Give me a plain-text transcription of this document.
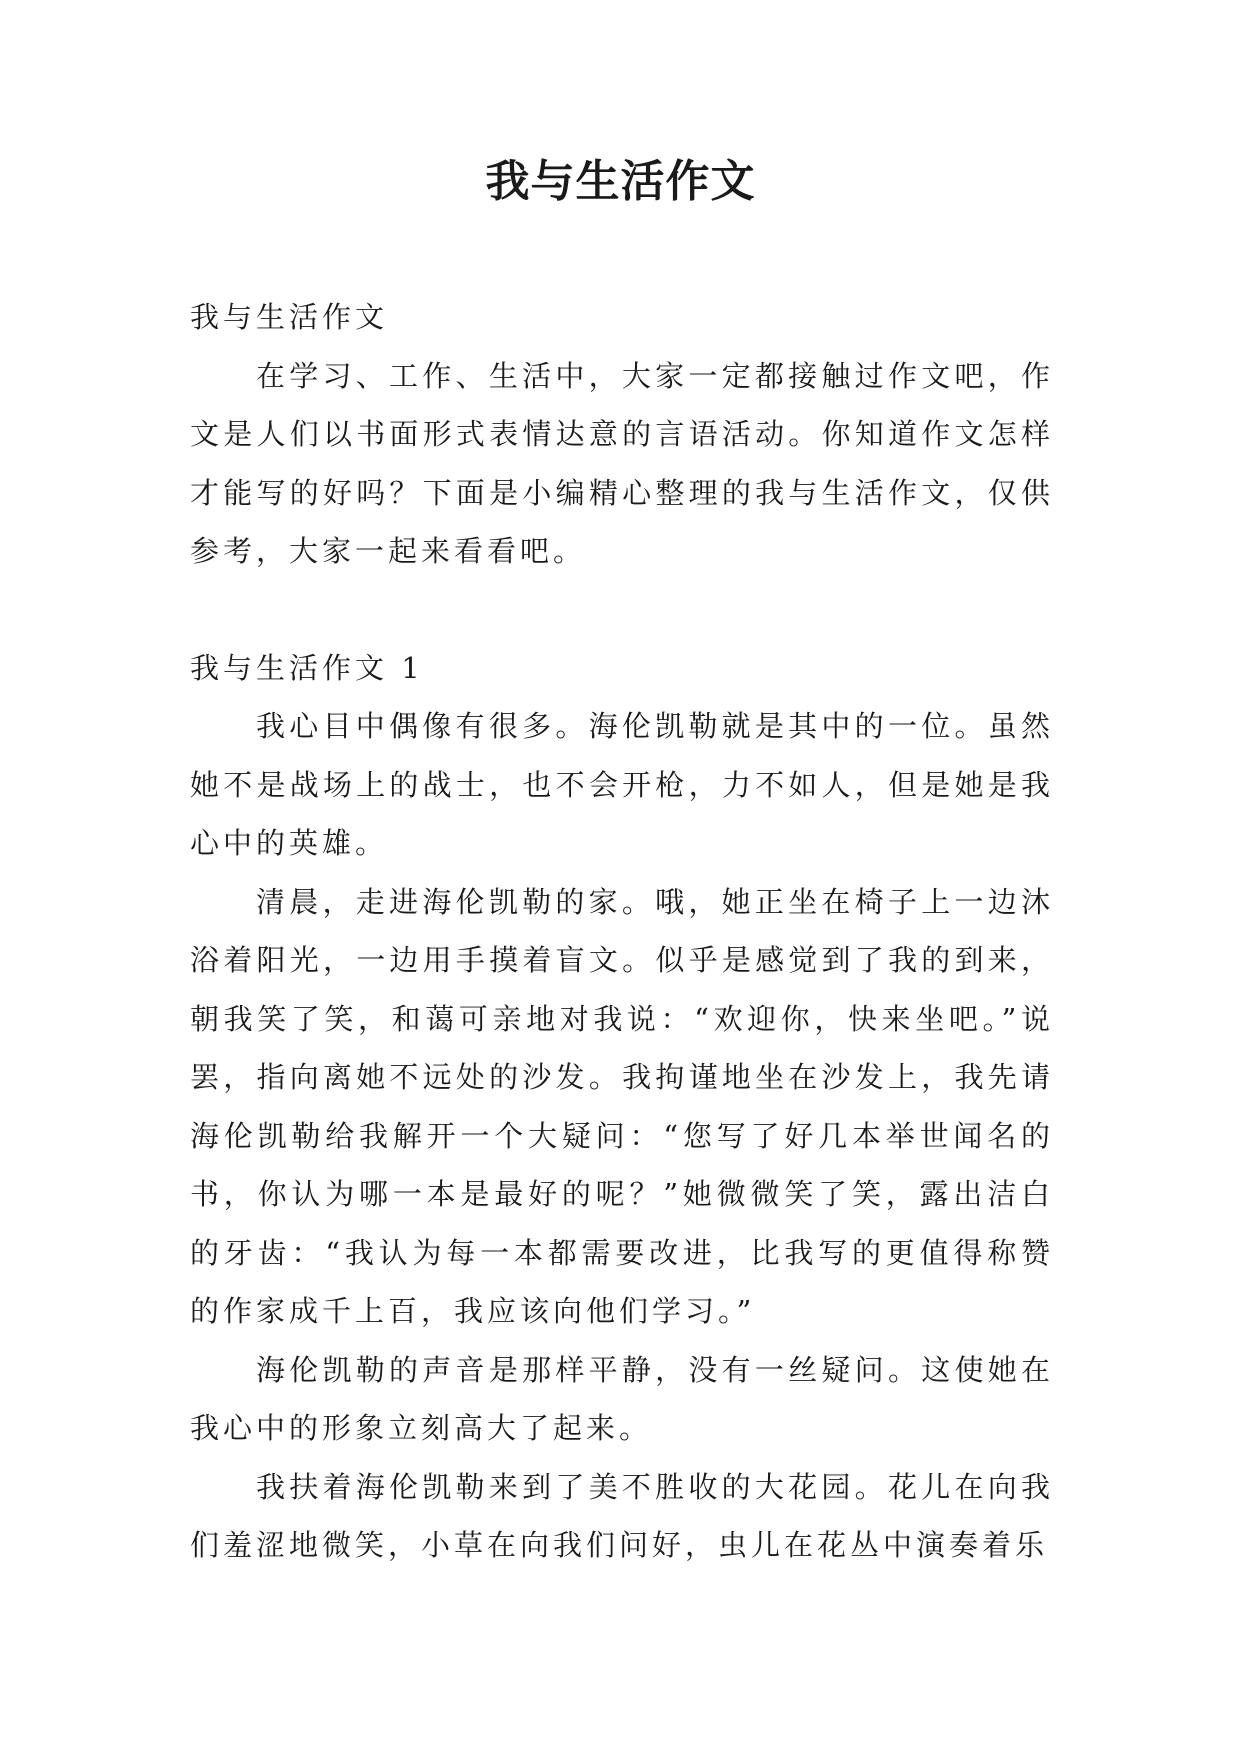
我与生活作文

我与生活作文

在学习、工作、生活中，大家一定都接触过作文吧，作文是人们以书面形式表情达意的言语活动。你知道作文怎样才能写的好吗？下面是小编精心整理的我与生活作文，仅供参考，大家一起来看看吧。

我与生活作文 1

我心目中偶像有很多。海伦凯勒就是其中的一位。虽然她不是战场上的战士，也不会开枪，力不如人，但是她是我心中的英雄。

清晨，走进海伦凯勒的家。哦，她正坐在椅子上一边沐浴着阳光，一边用手摸着盲文。似乎是感觉到了我的到来，朝我笑了笑，和蔼可亲地对我说：“欢迎你，快来坐吧。”说罢，指向离她不远处的沙发。我拘谨地坐在沙发上，我先请海伦凯勒给我解开一个大疑问：“您写了好几本举世闻名的书，你认为哪一本是最好的呢？”她微微笑了笑，露出洁白的牙齿：“我认为每一本都需要改进，比我写的更值得称赞的作家成千上百，我应该向他们学习。”

海伦凯勒的声音是那样平静，没有一丝疑问。这使她在我心中的形象立刻高大了起来。

我扶着海伦凯勒来到了美不胜收的大花园。花儿在向我们羞涩地微笑，小草在向我们问好，虫儿在花丛中演奏着乐
